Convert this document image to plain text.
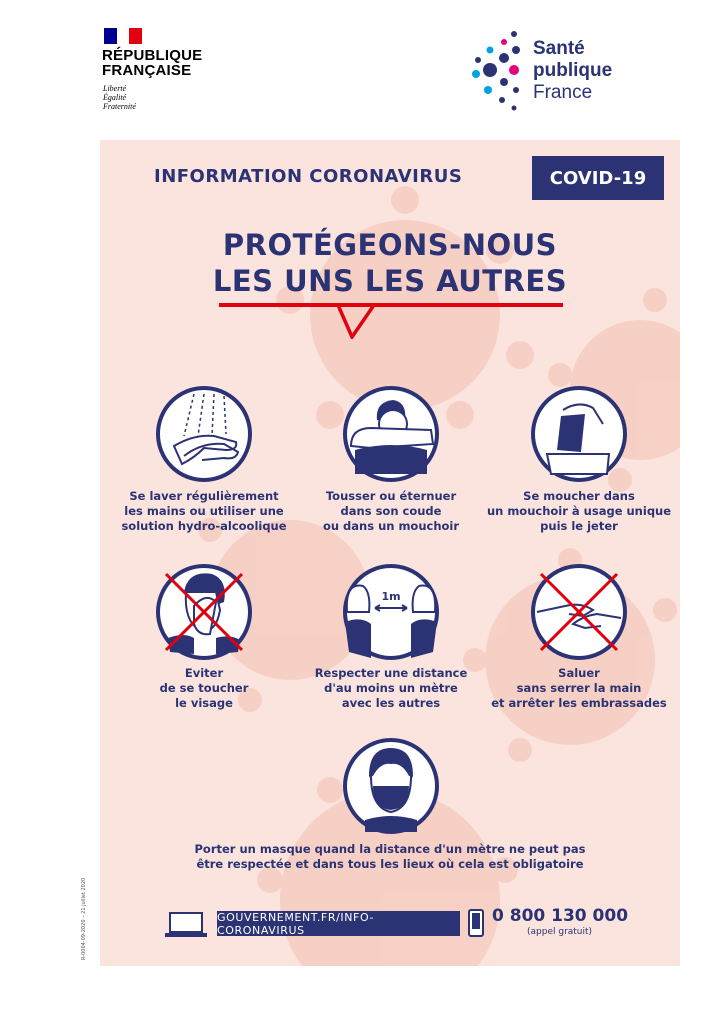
RÉPUBLIQUE
FRANÇAISE
Liberté
Égalité
Fraternité
Santé
publique
France
INFORMATION CORONAVIRUS	COVID-19
PROTÉGEONS-NOUS
LES UNS LES AUTRES
Se laver régulièrement
les mains ou utiliser une
solution hydro-alcoolique
Tousser ou éternuer
dans son coude
ou dans un mouchoir
Se moucher dans
un mouchoir à usage unique
puis le jeter
1m
Eviter
de se toucher
le visage
Respecter une distance
d'au moins un mètre
avec les autres
Saluer
sans serrer la main
et arrêter les embrassades
Porter un masque quand la distance d'un mètre ne peut pas
être respectée et dans tous les lieux où cela est obligatoire
GOUVERNEMENT.FR/INFO-CORONAVIRUS
0 800 130 000
(appel gratuit)
R-0004-09-2020 – 21 juillet 2020
